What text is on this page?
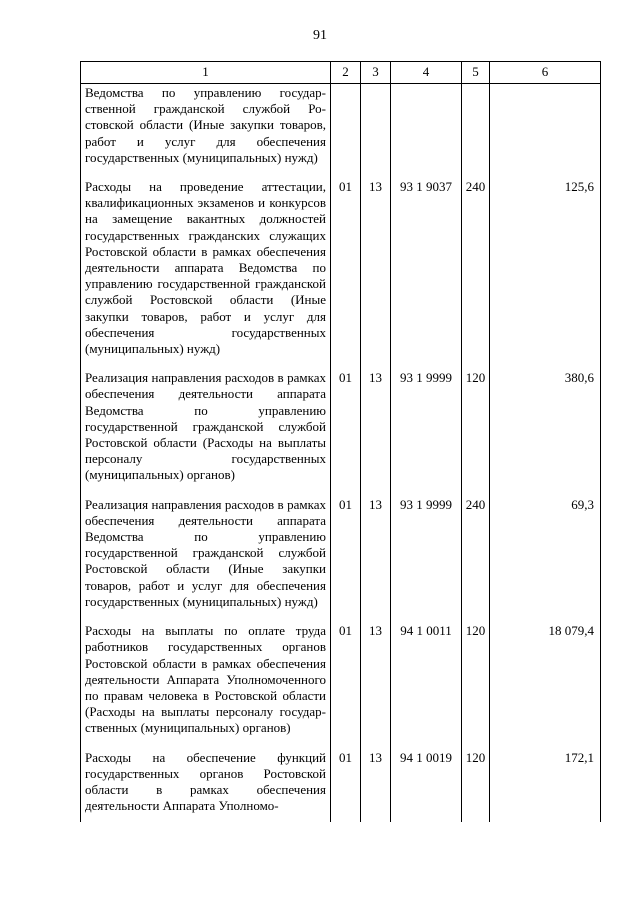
91
1	2	3	4	5	6
Ведомства по управлению государственной гражданской службой Ростовской области (Иные закупки товаров, работ и услуг для обеспечения государственных (муниципальных) нужд)					
Расходы на проведение аттестации, квалификационных экзаменов и конкурсов на замещение вакантных должностей государственных гражданских служащих Ростовской области в рамках обеспечения деятельности аппарата Ведомства по управлению государственной гражданской службой Ростовской области (Иные закупки товаров, работ и услуг для обеспечения государственных (муниципальных) нужд)	01	13	93 1 9037	240	125,6
Реализация направления расходов в рамках обеспечения деятельности аппарата Ведомства по управлению государственной гражданской службой Ростовской области (Расходы на выплаты персоналу государственных (муниципальных) органов)	01	13	93 1 9999	120	380,6
Реализация направления расходов в рамках обеспечения деятельности аппарата Ведомства по управлению государственной гражданской службой Ростовской области (Иные закупки товаров, работ и услуг для обеспечения государственных (муниципальных) нужд)	01	13	93 1 9999	240	69,3
Расходы на выплаты по оплате труда работников государственных органов Ростовской области в рамках обеспечения деятельности Аппарата Уполномоченного по правам человека в Ростовской области (Расходы на выплаты персоналу государственных (муниципальных) органов)	01	13	94 1 0011	120	18 079,4
Расходы на обеспечение функций государственных органов Ростовской области в рамках обеспечения деятельности Аппарата Уполномо-	01	13	94 1 0019	120	172,1
